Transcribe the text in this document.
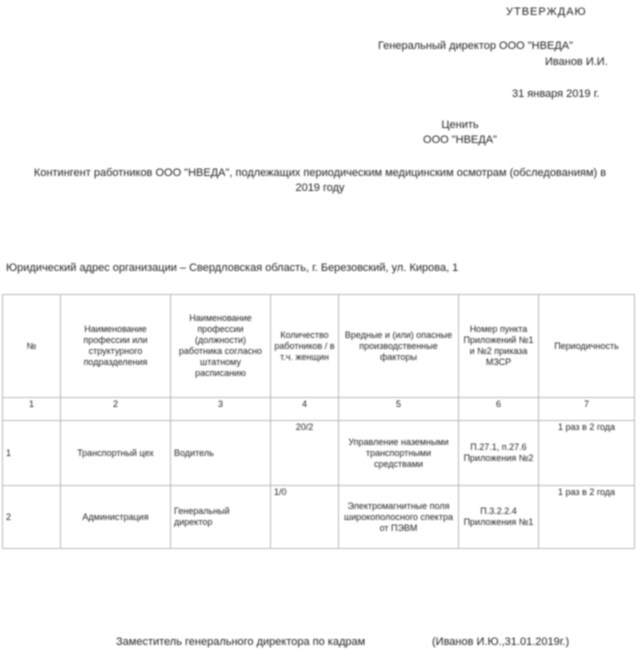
УТВЕРЖДАЮ
Генеральный директор ООО "НВЕДА"
Иванов И.И.
31 января 2019 г.
Ценить
ООО "НВЕДА"
Контингент работников ООО "НВЕДА", подлежащих периодическим медицинским осмотрам (обследованиям) в 2019 году
Юридический адрес организации – Свердловская область, г. Березовский, ул. Кирова, 1
№	Наименование профессии или структурного подразделения	Наименование профессии (должности) работника согласно штатному расписанию	Количество работников / в т.ч. женщин	Вредные и (или) опасные производственные факторы	Номер пункта Приложений №1 и №2 приказа МЗСР	Периодичность
1	2	3	4	5	6	7
1	Транспортный цех	Водитель	20/2	Управление наземными транспортными средствами	П.27.1, п.27.6 Приложения №2	1 раз в 2 года
2	Администрация	Генеральный директор	1/0	Электромагнитные поля широкополосного спектра от ПЭВМ	П.3.2.2.4 Приложения №1	1 раз в 2 года
Заместитель генерального директора по кадрам	(Иванов И.Ю.,31.01.2019г.)
